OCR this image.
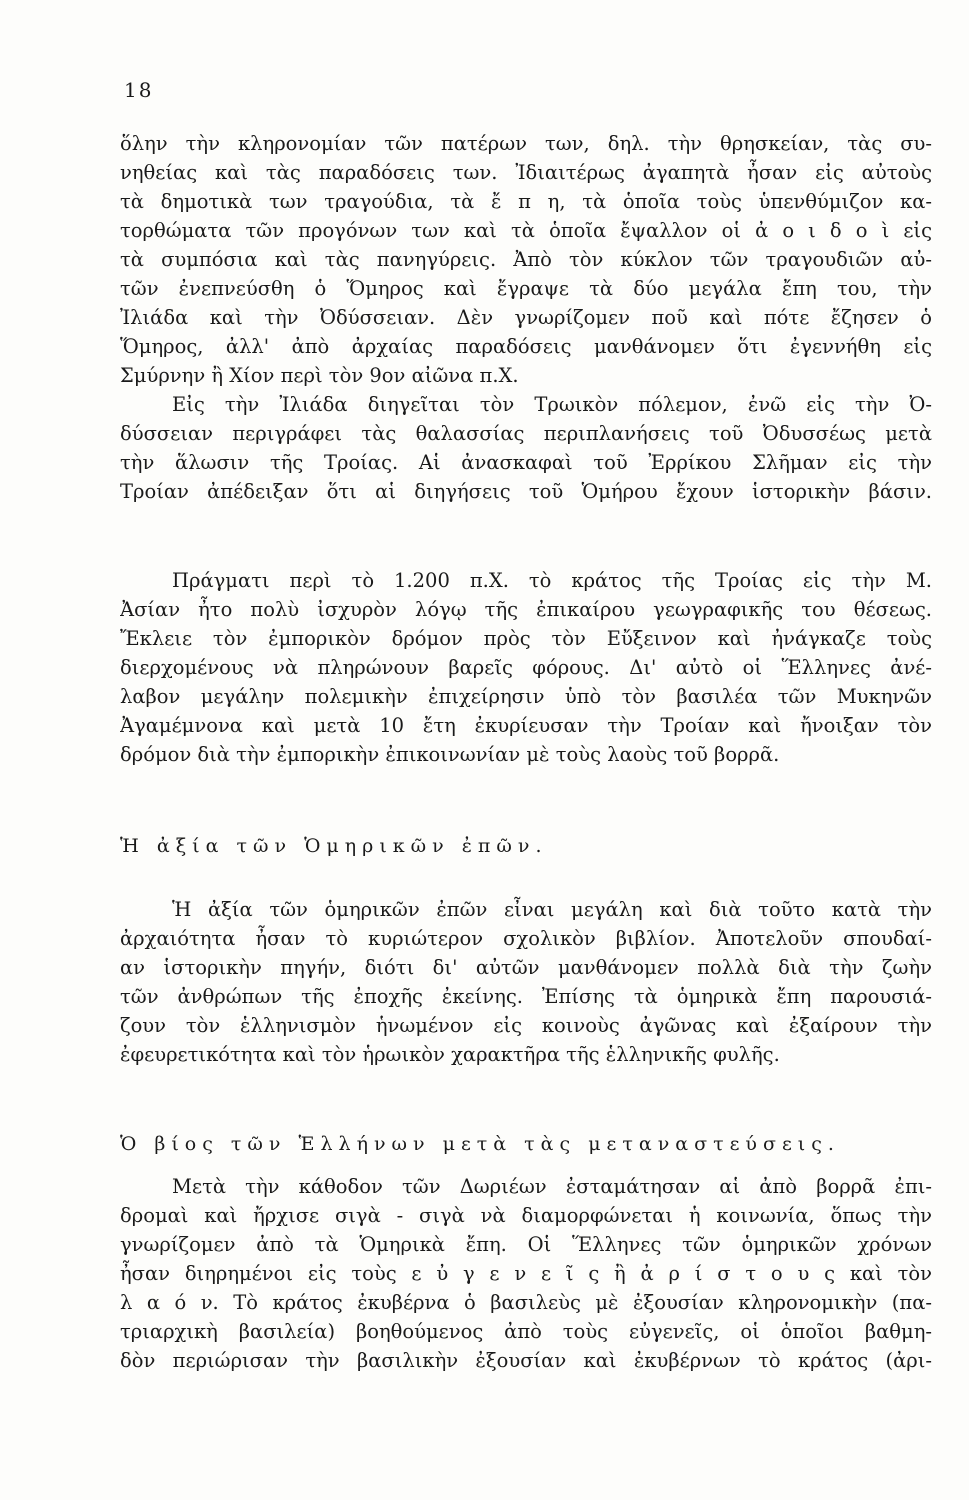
18
ὅλην τὴν κληρονομίαν τῶν πατέρων των, δηλ. τὴν θρησκείαν, τὰς συ-
νηθείας καὶ τὰς παραδόσεις των. Ἰδιαιτέρως ἀγαπητὰ ἦσαν εἰς αὐτοὺς
τὰ δημοτικὰ των τραγούδια, τὰ ἔ π η, τὰ ὁποῖα τοὺς ὑπενθύμιζον κα-
τορθώματα τῶν προγόνων των καὶ τὰ ὁποῖα ἔψαλλον οἱ ἀ ο ι δ ο ὶ εἰς
τὰ συμπόσια καὶ τὰς πανηγύρεις. Ἀπὸ τὸν κύκλον τῶν τραγουδιῶν αὐ-
τῶν ἐνεπνεύσθη ὁ Ὅμηρος καὶ ἔγραψε τὰ δύο μεγάλα ἔπη του, τὴν
Ἰλιάδα καὶ τὴν Ὀδύσσειαν. Δὲν γνωρίζομεν ποῦ καὶ πότε ἔζησεν ὁ
Ὅμηρος, ἀλλ' ἀπὸ ἀρχαίας παραδόσεις μανθάνομεν ὅτι ἐγεννήθη εἰς
Σμύρνην ἢ Χίον περὶ τὸν 9ον αἰῶνα π.Χ.
Εἰς τὴν Ἰλιάδα διηγεῖται τὸν Τρωικὸν πόλεμον, ἐνῶ εἰς τὴν Ὀ-
δύσσειαν περιγράφει τὰς θαλασσίας περιπλανήσεις τοῦ Ὀδυσσέως μετὰ
τὴν ἅλωσιν τῆς Τροίας. Αἱ ἀνασκαφαὶ τοῦ Ἐρρίκου Σλῆμαν εἰς τὴν
Τροίαν ἀπέδειξαν ὅτι αἱ διηγήσεις τοῦ Ὁμήρου ἔχουν ἱστορικὴν βάσιν.
Πράγματι περὶ τὸ 1.200 π.Χ. τὸ κράτος τῆς Τροίας εἰς τὴν Μ.
Ἀσίαν ἦτο πολὺ ἰσχυρὸν λόγῳ τῆς ἐπικαίρου γεωγραφικῆς του θέσεως.
Ἔκλειε τὸν ἐμπορικὸν δρόμον πρὸς τὸν Εὔξεινον καὶ ἠνάγκαζε τοὺς
διερχομένους νὰ πληρώνουν βαρεῖς φόρους. Δι' αὐτὸ οἱ Ἕλληνες ἀνέ-
λαβον μεγάλην πολεμικὴν ἐπιχείρησιν ὑπὸ τὸν βασιλέα τῶν Μυκηνῶν
Ἀγαμέμνονα καὶ μετὰ 10 ἔτη ἐκυρίευσαν τὴν Τροίαν καὶ ἤνοιξαν τὸν
δρόμον διὰ τὴν ἐμπορικὴν ἐπικοινωνίαν μὲ τοὺς λαοὺς τοῦ βορρᾶ.
Ἡ ἀξία τῶν Ὁμηρικῶν ἐπῶν.
Ἡ ἀξία τῶν ὁμηρικῶν ἐπῶν εἶναι μεγάλη καὶ διὰ τοῦτο κατὰ τὴν
ἀρχαιότητα ἦσαν τὸ κυριώτερον σχολικὸν βιβλίον. Ἀποτελοῦν σπουδαί-
αν ἱστορικὴν πηγήν, διότι δι' αὐτῶν μανθάνομεν πολλὰ διὰ τὴν ζωὴν
τῶν ἀνθρώπων τῆς ἐποχῆς ἐκείνης. Ἐπίσης τὰ ὁμηρικὰ ἔπη παρουσιά-
ζουν τὸν ἑλληνισμὸν ἡνωμένον εἰς κοινοὺς ἀγῶνας καὶ ἐξαίρουν τὴν
ἐφευρετικότητα καὶ τὸν ἡρωικὸν χαρακτῆρα τῆς ἑλληνικῆς φυλῆς.
Ὁ βίος τῶν Ἑλλήνων μετὰ τὰς μεταναστεύσεις.
Μετὰ τὴν κάθοδον τῶν Δωριέων ἐσταμάτησαν αἱ ἀπὸ βορρᾶ ἐπι-
δρομαὶ καὶ ἤρχισε σιγὰ - σιγὰ νὰ διαμορφώνεται ἡ κοινωνία, ὅπως τὴν
γνωρίζομεν ἀπὸ τὰ Ὁμηρικὰ ἔπη. Οἱ Ἕλληνες τῶν ὁμηρικῶν χρόνων
ἦσαν διηρημένοι εἰς τοὺς ε ὐ γ ε ν ε ῖ ς ἢ ἀ ρ ί σ τ ο υ ς καὶ τὸν
λ α ό ν. Τὸ κράτος ἐκυβέρνα ὁ βασιλεὺς μὲ ἐξουσίαν κληρονομικὴν (πα-
τριαρχικὴ βασιλεία) βοηθούμενος ἀπὸ τοὺς εὐγενεῖς, οἱ ὁποῖοι βαθμη-
δὸν περιώρισαν τὴν βασιλικὴν ἐξουσίαν καὶ ἐκυβέρνων τὸ κράτος (ἀρι-
